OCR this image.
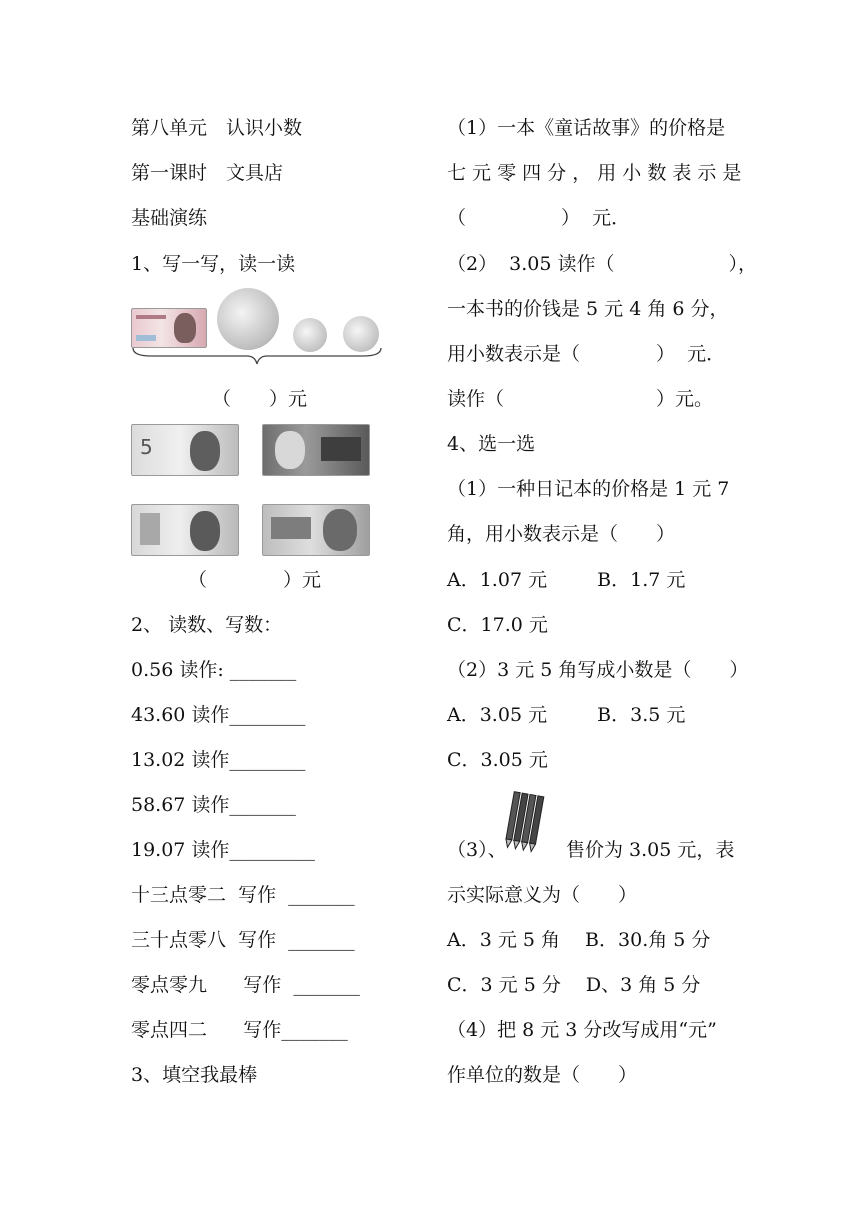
第八单元　认识小数
第一课时　文具店
基础演练
1、写一写，读一读
（　　）元
5
（　　　　）元
2、 读数、写数：
0.56 读作: _______
43.60 读作________
13.02 读作________
58.67 读作_______
19.07 读作_________
十三点零二  写作  _______
三十点零八  写作  _______
零点零九      写作  _______
零点四二      写作_______
3、填空我最棒
（1）一本《童话故事》的价格是
七 元 零 四 分 ， 用 小 数 表 示 是
（　　　　　）  元．
（2）  3.05 读作（　　　　　　），
一本书的价钱是 5 元 4 角 6 分，
用小数表示是（　　　　）  元．
读作（　　　　　　　　）元。
4、选一选
（1）一种日记本的价格是 1 元 7
角，用小数表示是（　　）
A．1.07 元　　  B．1.7 元
C．17.0 元
（2）3 元 5 角写成小数是（　　）
A．3.05 元　　  B．3.5 元
C．3.05 元
（3）、	售价为 3.05 元，表
示实际意义为（　　）
A．3 元 5 角　 B．30.角 5 分
C．3 元 5 分　 D、3 角 5 分
（4）把 8 元 3 分改写成用“元”
作单位的数是（　　）
